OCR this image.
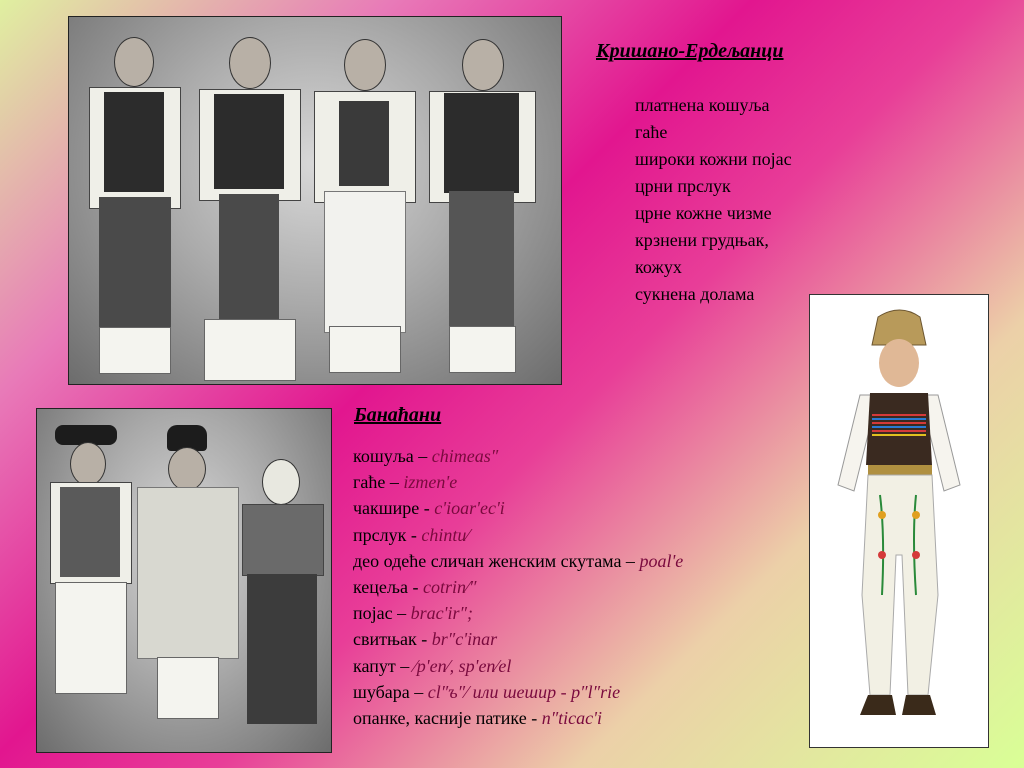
Кришано-Ердељанци
платнена кошуља
гаће
широки кожни појас
црни прслук
црне кожне чизме
крзнени грудњак,
кожух
сукнена долама
Банаћани
кошуља – chimeas″
гаће – izmen'e
чакшире - c'ioar'ec'i
прслук - chintu⁄
део одеће сличан женским скутама – poal'e
кецеља - cotrin⁄″
појас – brac'ir″;
свитњак - br″c'inar
капут – ⁄p'en⁄, sp'en⁄el
шубара – cl″ъ″⁄ или шешир - p″l″rie
опанке, касније патике - n″ticac'i
